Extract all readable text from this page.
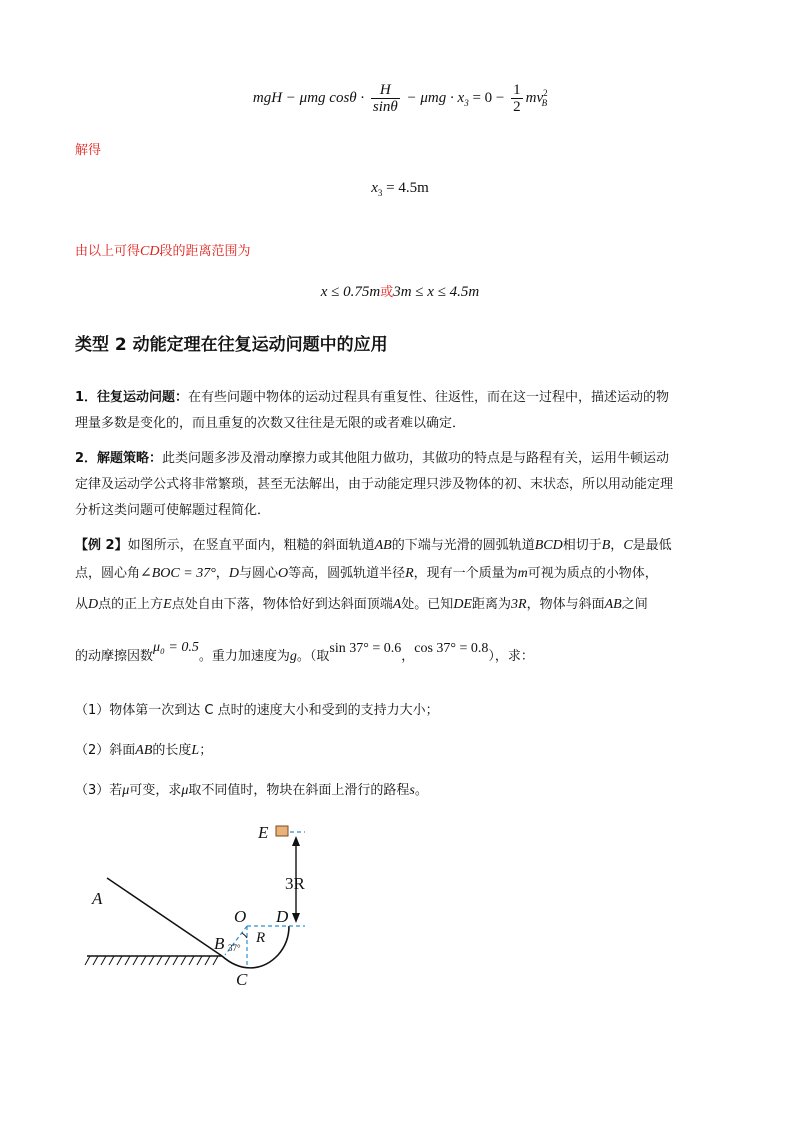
mgH − μmg $\cos\theta \cdot \frac{H}{\sin\theta} - \mu mg \cdot x_3 = 0 - \frac{1}{2} mv^2_B$
解得
$x_3 = 4.5m$
由以上可得CD段的距离范围为
x ≤ 0.75m或3m ≤ x ≤ 4.5m
类型 2 动能定理在往复运动问题中的应用
1．往复运动问题：在有些问题中物体的运动过程具有重复性、往返性，而在这一过程中，描述运动的物
理量多数是变化的，而且重复的次数又往往是无限的或者难以确定．
2．解题策略：此类问题多涉及滑动摩擦力或其他阻力做功，其做功的特点是与路程有关，运用牛顿运动
定律及运动学公式将非常繁琐，甚至无法解出，由于动能定理只涉及物体的初、末状态，所以用动能定理
分析这类问题可使解题过程简化．
【例 2】如图所示，在竖直平面内，粗糙的斜面轨道AB的下端与光滑的圆弧轨道BCD相切于B，C是最低
点，圆心角∠BOC = 37°，D与圆心O等高，圆弧轨道半径R，现有一个质量为m可视为质点的小物体，
从D点的正上方E点处自由下落，物体恰好到达斜面顶端A处。已知DE距离为3R，物体与斜面AB之间
的动摩擦因数μ₀ = 0.5。重力加速度为g。（取sin 37° = 0.6，cos 37° = 0.8），求：
（1）物体第一次到达 C 点时的速度大小和受到的支持力大小；
（2）斜面AB的长度L；
（3）若μ可变，求μ取不同值时，物块在斜面上滑行的路程s。
E
3R
A
O D
R
B 37°
C
